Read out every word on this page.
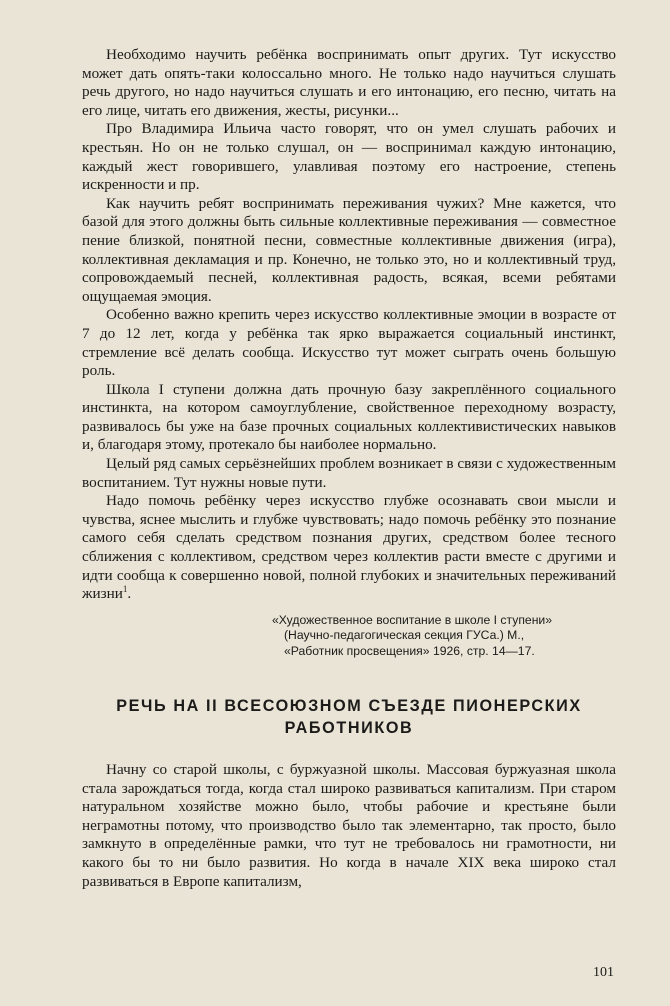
Необходимо научить ребёнка воспринимать опыт других. Тут искусство может дать опять-таки колоссально много. Не только надо научиться слушать речь другого, но надо научиться слушать и его интонацию, его песню, читать на его лице, читать его движения, жесты, рисунки...

Про Владимира Ильича часто говорят, что он умел слушать рабочих и крестьян. Но он не только слушал, он — воспринимал каждую интонацию, каждый жест говорившего, улавливая поэтому его настроение, степень искренности и пр.

Как научить ребят воспринимать переживания чужих? Мне кажется, что базой для этого должны быть сильные коллективные переживания — совместное пение близкой, понятной песни, совместные коллективные движения (игра), коллективная декламация и пр. Конечно, не только это, но и коллективный труд, сопровождаемый песней, коллективная радость, всякая, всеми ребятами ощущаемая эмоция.

Особенно важно крепить через искусство коллективные эмоции в возрасте от 7 до 12 лет, когда у ребёнка так ярко выражается социальный инстинкт, стремление всё делать сообща. Искусство тут может сыграть очень большую роль.

Школа I ступени должна дать прочную базу закреплённого социального инстинкта, на котором самоуглубление, свойственное переходному возрасту, развивалось бы уже на базе прочных социальных коллективистических навыков и, благодаря этому, протекало бы наиболее нормально.

Целый ряд самых серьёзнейших проблем возникает в связи с художественным воспитанием. Тут нужны новые пути.

Надо помочь ребёнку через искусство глубже осознавать свои мысли и чувства, яснее мыслить и глубже чувствовать; надо помочь ребёнку это познание самого себя сделать средством познания других, средством более тесного сближения с коллективом, средством через коллектив расти вместе с другими и идти сообща к совершенно новой, полной глубоких и значительных переживаний жизни$^1$.

«Художественное воспитание в школе I ступени»
(Научно-педагогическая секция ГУСа.) М.,
«Работник просвещения» 1926, стр. 14—17.
РЕЧЬ НА II ВСЕСОЮЗНОМ СЪЕЗДЕ ПИОНЕРСКИХ
РАБОТНИКОВ

Начну со старой школы, с буржуазной школы. Массовая буржуазная школа стала зарождаться тогда, когда стал широко развиваться капитализм. При старом натуральном хозяйстве можно было, чтобы рабочие и крестьяне были неграмотны потому, что производство было так элементарно, так просто, было замкнуто в определённые рамки, что тут не требовалось ни грамотности, ни какого бы то ни было развития. Но когда в начале XIX века широко стал развиваться в Европе капитализм,

101
